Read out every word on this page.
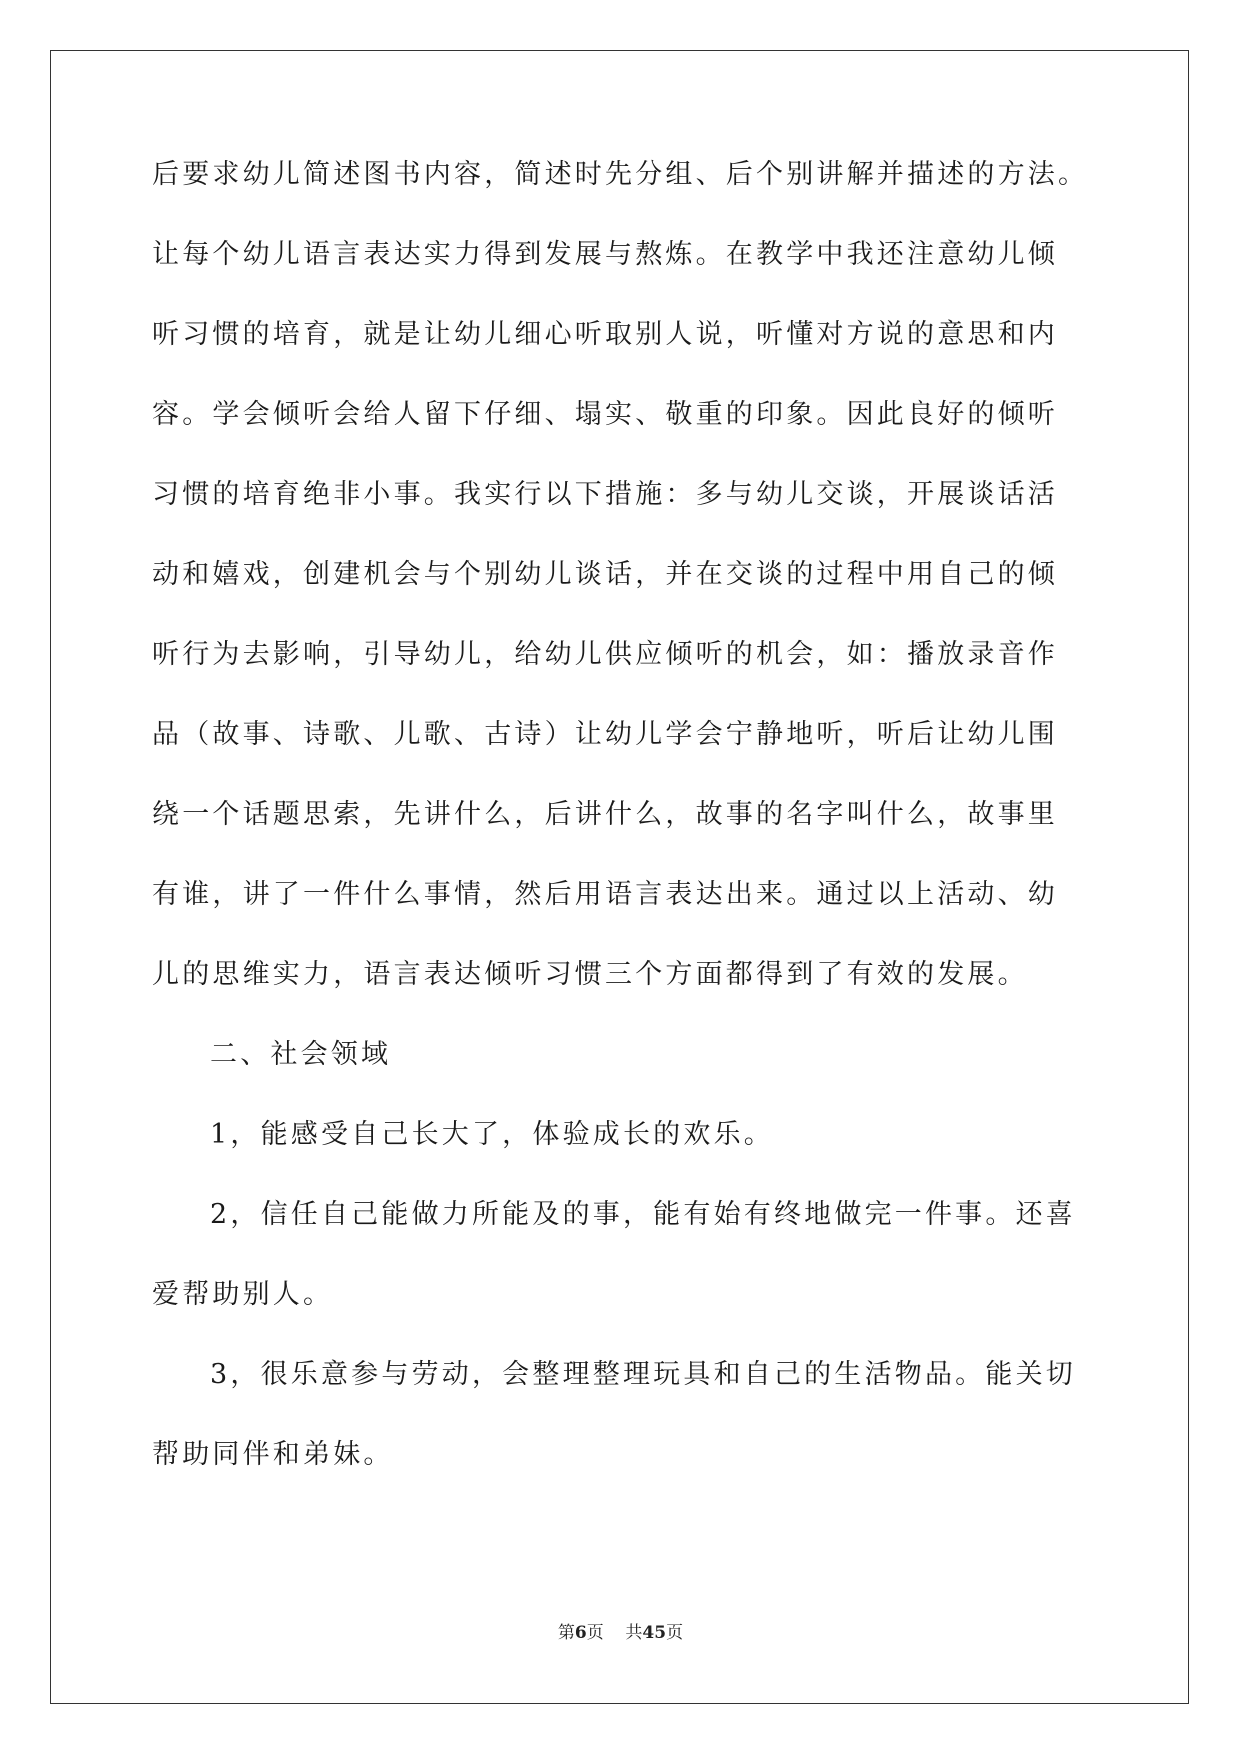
后要求幼儿简述图书内容，简述时先分组、后个别讲解并描述的方法。
让每个幼儿语言表达实力得到发展与熬炼。在教学中我还注意幼儿倾
听习惯的培育，就是让幼儿细心听取别人说，听懂对方说的意思和内
容。学会倾听会给人留下仔细、塌实、敬重的印象。因此良好的倾听
习惯的培育绝非小事。我实行以下措施：多与幼儿交谈，开展谈话活
动和嬉戏，创建机会与个别幼儿谈话，并在交谈的过程中用自己的倾
听行为去影响，引导幼儿，给幼儿供应倾听的机会，如：播放录音作
品（故事、诗歌、儿歌、古诗）让幼儿学会宁静地听，听后让幼儿围
绕一个话题思索，先讲什么，后讲什么，故事的名字叫什么，故事里
有谁，讲了一件什么事情，然后用语言表达出来。通过以上活动、幼
儿的思维实力，语言表达倾听习惯三个方面都得到了有效的发展。
二、社会领域
1，能感受自己长大了，体验成长的欢乐。
2，信任自己能做力所能及的事，能有始有终地做完一件事。还喜
爱帮助别人。
3，很乐意参与劳动，会整理整理玩具和自己的生活物品。能关切
帮助同伴和弟妹。
第6页 共45页
